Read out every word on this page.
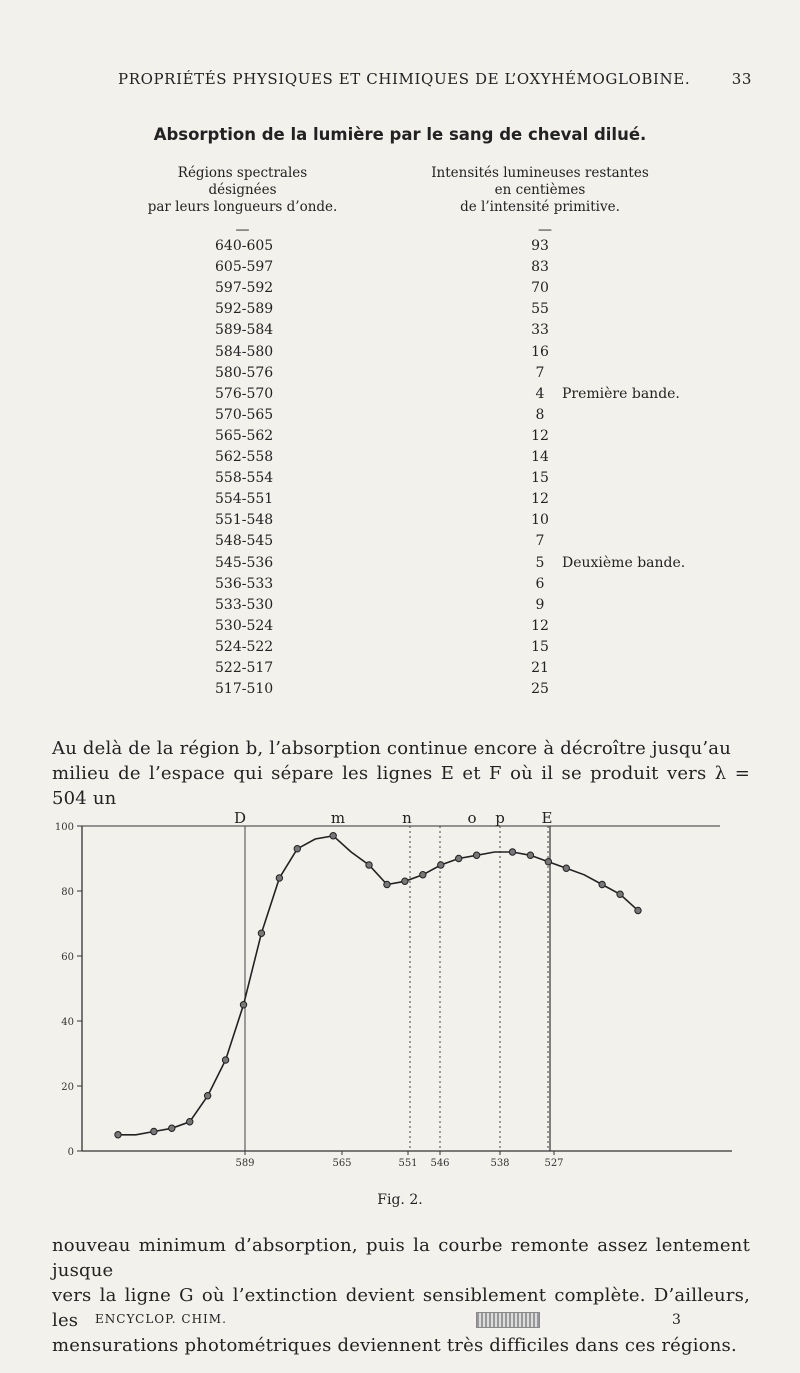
PROPRIÉTÉS PHYSIQUES ET CHIMIQUES DE L’OXYHÉMOGLOBINE.	33
Absorption de la lumière par le sang de cheval dilué.
Régions spectrales
désignées
par leurs longueurs d’onde.
—
Intensités lumineuses restantes
en centièmes
de l’intensité primitive.
—
640-605	93
605-597	83
597-592	70
592-589	55
589-584	33
584-580	16
580-576	7
576-570	4	Première bande.
570-565	8
565-562	12
562-558	14
558-554	15
554-551	12
551-548	10
548-545	7
545-536	5	Deuxième bande.
536-533	6
533-530	9
530-524	12
524-522	15
522-517	21
517-510	25
Au delà de la région b, l’absorption continue encore à décroître jusqu’au
milieu de l’espace qui sépare les lignes E et F où il se produit vers λ = 504 un
100
80
60
40
20
0
D	m	n	o p E
589	565	551 546	538	527
Fig. 2.
nouveau minimum d’absorption, puis la courbe remonte assez lentement jusque
vers la ligne G où l’extinction devient sensiblement complète. D’ailleurs, les
mensurations photométriques deviennent très difficiles dans ces régions.
ENCYCLOP. CHIM.	3
